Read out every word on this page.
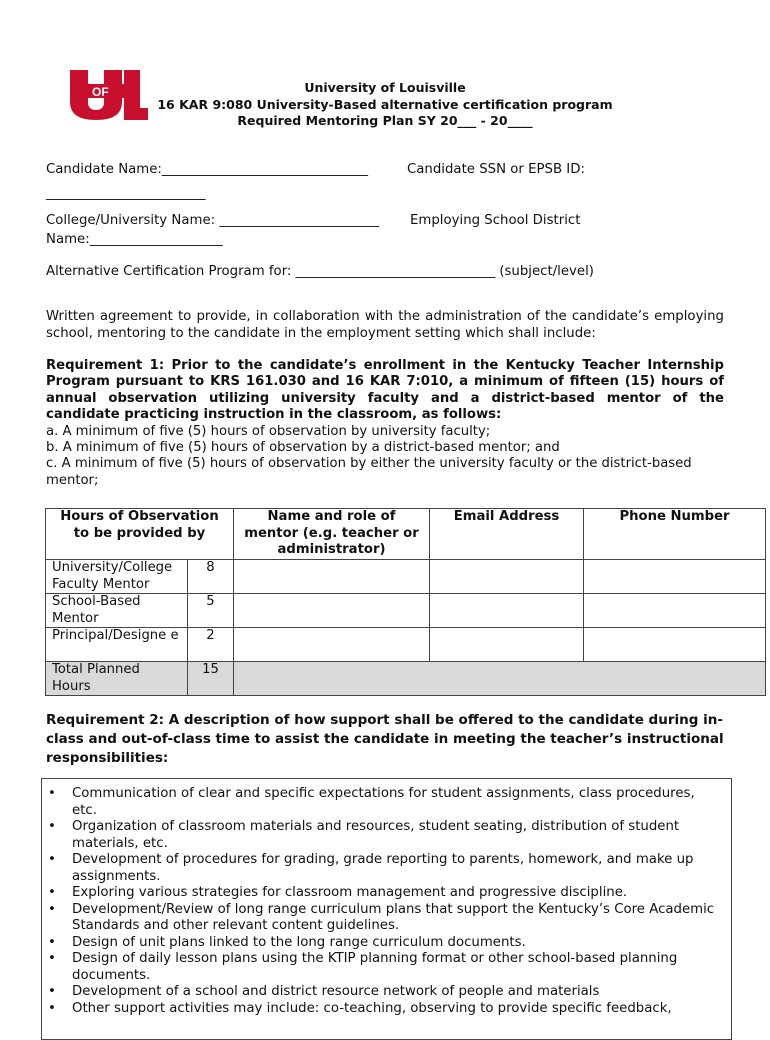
OF
®
University of Louisville
16 KAR 9:080 University-Based alternative certification program
Required Mentoring Plan SY 20___ - 20____
Candidate Name:_______________________________	Candidate SSN or EPSB ID:
________________________
College/University Name: ________________________ Employing School District
Name:____________________
Alternative Certification Program for: ______________________________ (subject/level)
Written agreement to provide, in collaboration with the administration of the candidate’s employing school, mentoring to the candidate in the employment setting which shall include:
Requirement 1: Prior to the candidate’s enrollment in the Kentucky Teacher Internship Program pursuant to KRS 161.030 and 16 KAR 7:010, a minimum of fifteen (15) hours of annual observation utilizing university faculty and a district-based mentor of the candidate practicing instruction in the classroom, as follows:
a. A minimum of five (5) hours of observation by university faculty;
b. A minimum of five (5) hours of observation by a district-based mentor; and
c. A minimum of five (5) hours of observation by either the university faculty or the district-based mentor;
Hours of Observation to be provided by		Name and role of mentor (e.g. teacher or administrator)	Email Address	Phone Number
University/College Faculty Mentor	8			
School-Based Mentor	5			
Principal/Designe e	2			
Total Planned Hours	15			
Requirement 2: A description of how support shall be offered to the candidate during in-class and out-of-class time to assist the candidate in meeting the teacher’s instructional responsibilities:
• Communication of clear and specific expectations for student assignments, class procedures, etc.
• Organization of classroom materials and resources, student seating, distribution of student materials, etc.
• Development of procedures for grading, grade reporting to parents, homework, and make up assignments.
• Exploring various strategies for classroom management and progressive discipline.
• Development/Review of long range curriculum plans that support the Kentucky’s Core Academic Standards and other relevant content guidelines.
• Design of unit plans linked to the long range curriculum documents.
• Design of daily lesson plans using the KTIP planning format or other school-based planning documents.
• Development of a school and district resource network of people and materials
• Other support activities may include: co-teaching, observing to provide specific feedback,
